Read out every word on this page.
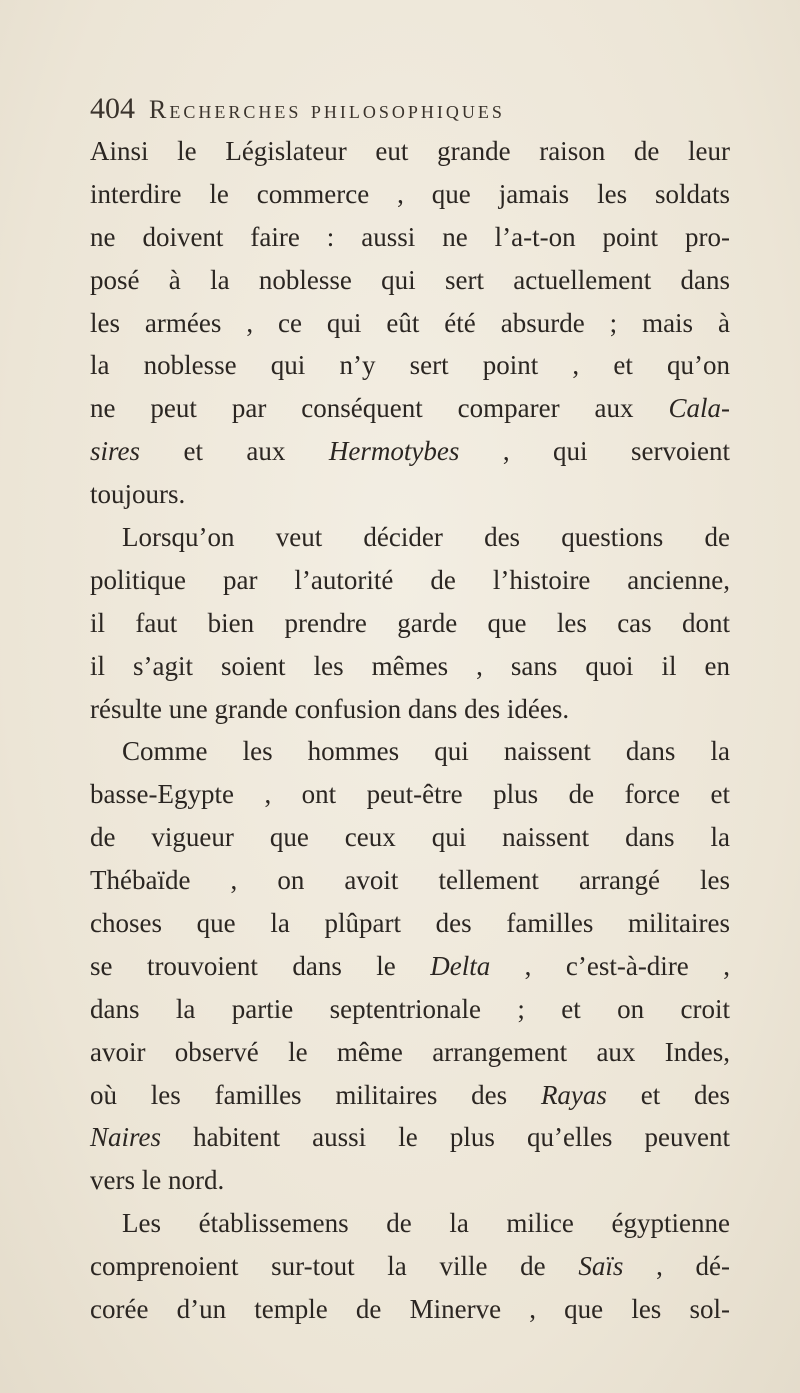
404 Recherches philosophiques
Ainsi le Législateur eut grande raison de leur
interdire le commerce , que jamais les soldats
ne doivent faire : aussi ne l’a-t-on point pro-
posé à la noblesse qui sert actuellement dans
les armées , ce qui eût été absurde ; mais à
la noblesse qui n’y sert point , et qu’on
ne peut par conséquent comparer aux Cala-
sires et aux Hermotybes , qui servoient
toujours.
Lorsqu’on veut décider des questions de
politique par l’autorité de l’histoire ancienne,
il faut bien prendre garde que les cas dont
il s’agit soient les mêmes , sans quoi il en
résulte une grande confusion dans des idées.
Comme les hommes qui naissent dans la
basse-Egypte , ont peut-être plus de force et
de vigueur que ceux qui naissent dans la
Thébaïde , on avoit tellement arrangé les
choses que la plûpart des familles militaires
se trouvoient dans le Delta , c’est-à-dire ,
dans la partie septentrionale ; et on croit
avoir observé le même arrangement aux Indes,
où les familles militaires des Rayas et des
Naires habitent aussi le plus qu’elles peuvent
vers le nord.
Les établissemens de la milice égyptienne
comprenoient sur-tout la ville de Saïs , dé-
corée d’un temple de Minerve , que les sol-
